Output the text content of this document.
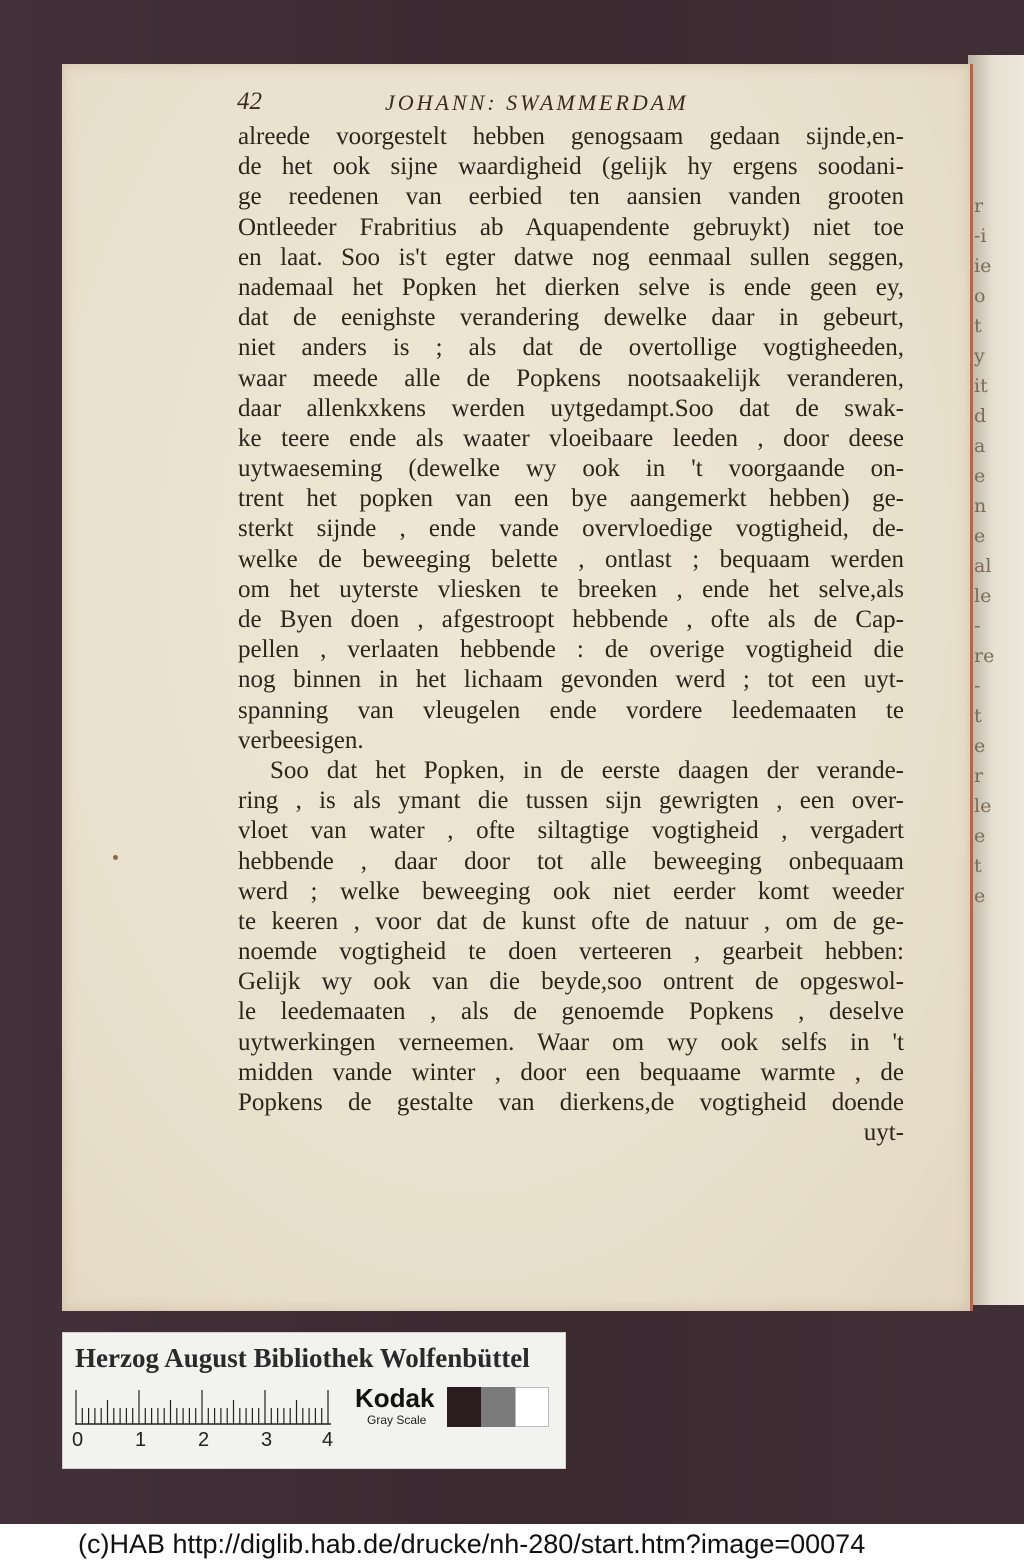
r
-i
ie
o
t
y
it
d
a
e
n
e
al
le
-
re
-
t
e
r
le
e
t
e
42	JOHANN: SWAMMERDAM
alreede voorgestelt hebben genogsaam gedaan sijnde,en-
de het ook sijne waardigheid (gelijk hy ergens soodani-
ge reedenen van eerbied ten aansien vanden grooten
Ontleeder Frabritius ab Aquapendente gebruykt) niet toe
en laat. Soo is't egter datwe nog eenmaal sullen seggen,
nademaal het Popken het dierken selve is ende geen ey,
dat de eenighste verandering dewelke daar in gebeurt,
niet anders is ; als dat de overtollige vogtigheeden,
waar meede alle de Popkens nootsaakelijk veranderen,
daar allenkxkens werden uytgedampt.Soo dat de swak-
ke teere ende als waater vloeibaare leeden , door deese
uytwaeseming (dewelke wy ook in 't voorgaande on-
trent het popken van een bye aangemerkt hebben) ge-
sterkt sijnde , ende vande overvloedige vogtigheid, de-
welke de beweeging belette , ontlast ; bequaam werden
om het uyterste vliesken te breeken , ende het selve,als
de Byen doen , afgestroopt hebbende , ofte als de Cap-
pellen , verlaaten hebbende : de overige vogtigheid die
nog binnen in het lichaam gevonden werd ; tot een uyt-
spanning van vleugelen ende vordere leedemaaten te
verbeesigen.
Soo dat het Popken, in de eerste daagen der verande-
ring , is als ymant die tussen sijn gewrigten , een over-
vloet van water , ofte siltagtige vogtigheid , vergadert
hebbende , daar door tot alle beweeging onbequaam
werd ; welke beweeging ook niet eerder komt weeder
te keeren , voor dat de kunst ofte de natuur , om de ge-
noemde vogtigheid te doen verteeren , gearbeit hebben:
Gelijk wy ook van die beyde,soo ontrent de opgeswol-
le leedemaaten , als de genoemde Popkens , deselve
uytwerkingen verneemen. Waar om wy ook selfs in 't
midden vande winter , door een bequaame warmte , de
Popkens de gestalte van dierkens,de vogtigheid doende
uyt-
Herzog August Bibliothek Wolfenbüttel
0	1	2	3 4
Kodak
Gray Scale
(c)HAB http://diglib.hab.de/drucke/nh-280/start.htm?image=00074
